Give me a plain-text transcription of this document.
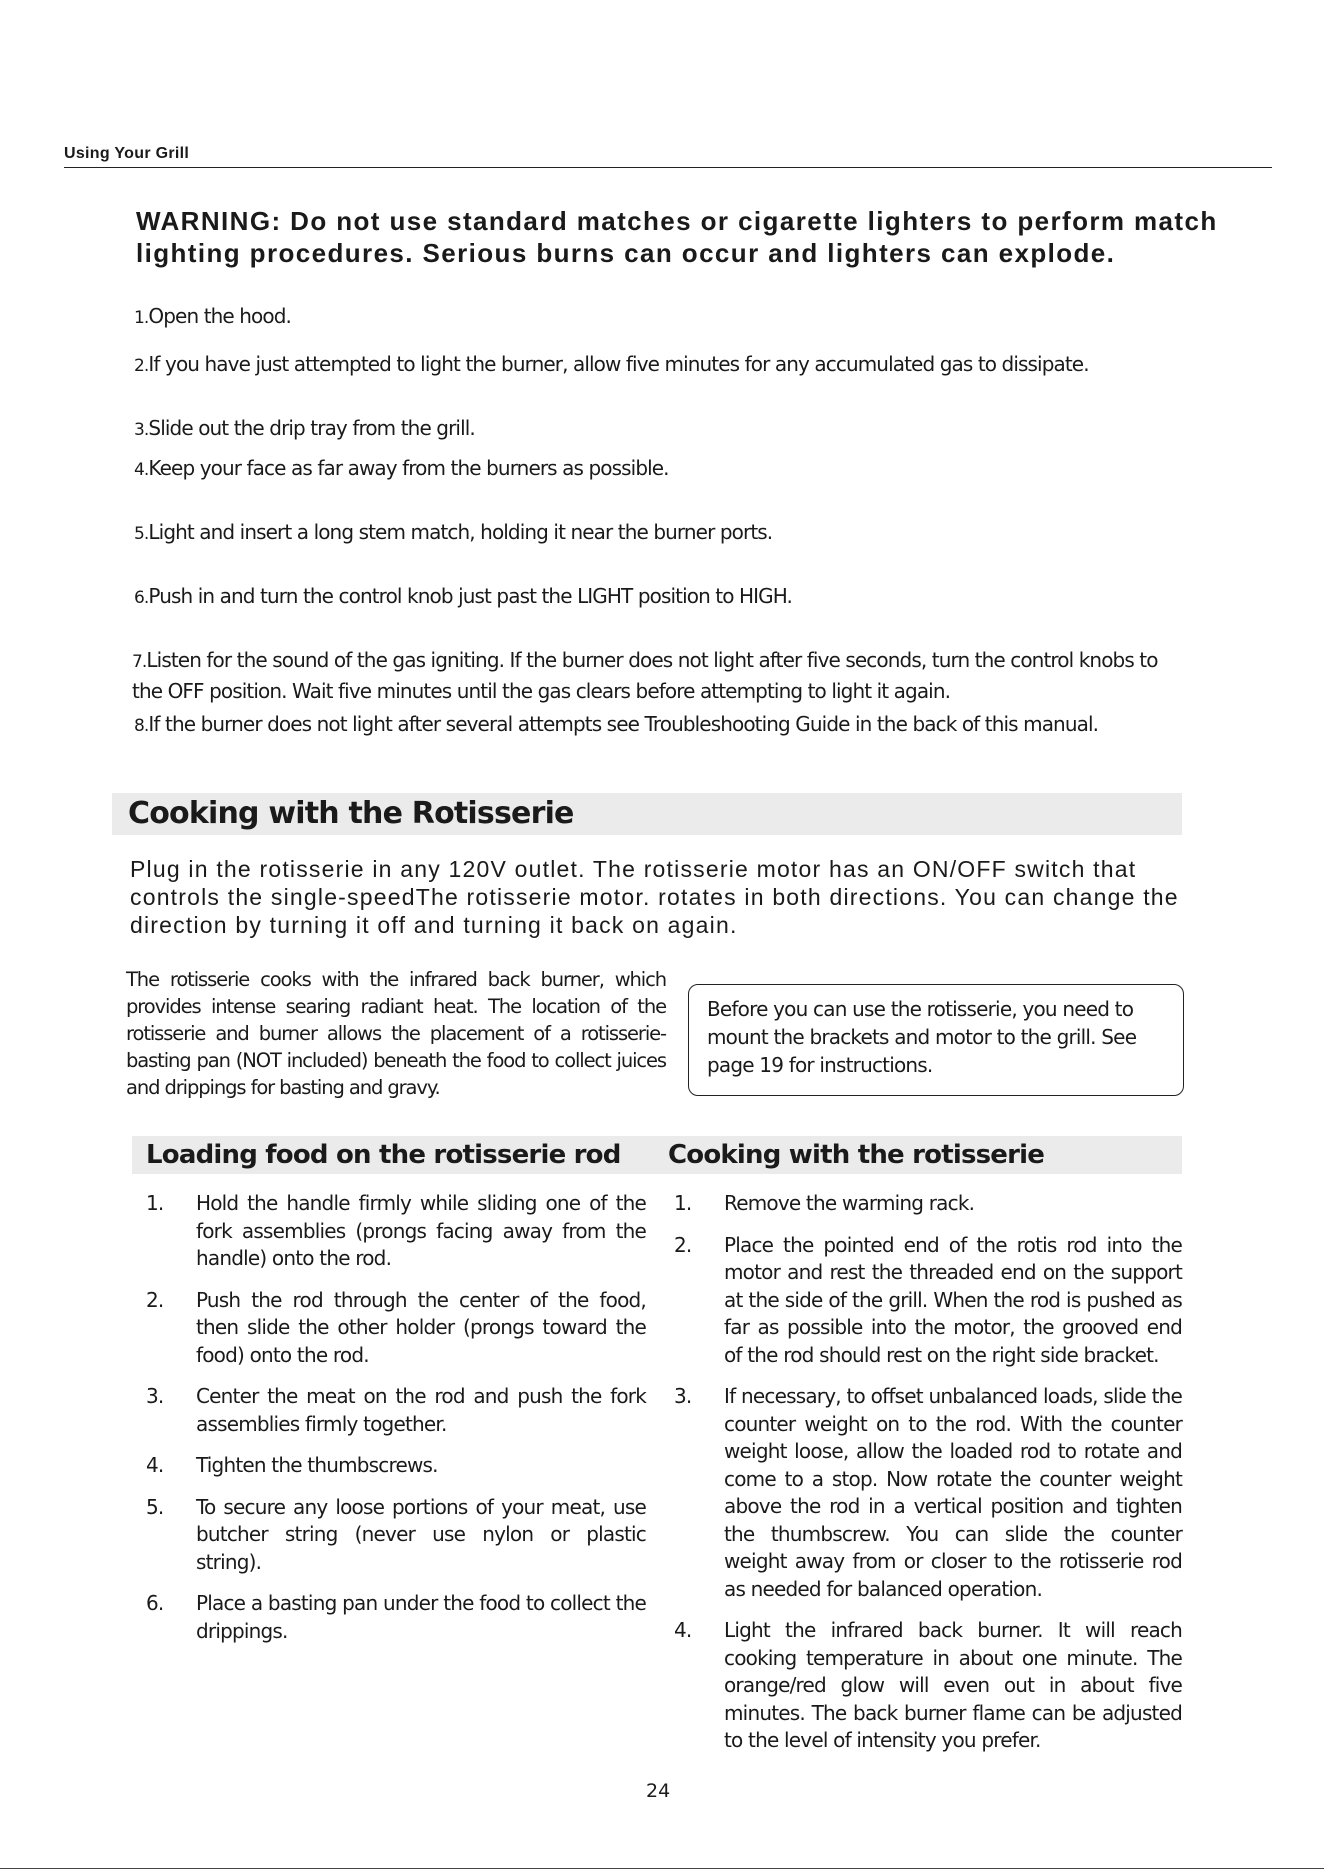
Using Your Grill
WARNING: Do not use standard matches or cigarette lighters to perform match lighting procedures. Serious burns can occur and lighters can explode.
1.Open the hood.
2.If you have just attempted to light the burner, allow five minutes for any accumulated gas to dissipate.
3.Slide out the drip tray from the grill.
4.Keep your face as far away from the burners as possible.
5.Light and insert a long stem match, holding it near the burner ports.
6.Push in and turn the control knob just past the LIGHT position to HIGH.
7.Listen for the sound of the gas igniting. If the burner does not light after five seconds, turn the control knobs to the OFF position. Wait five minutes until the gas clears before attempting to light it again.
8.If the burner does not light after several attempts see Troubleshooting Guide in the back of this manual.
Cooking with the Rotisserie
Plug in the rotisserie in any 120V outlet. The rotisserie motor has an ON/OFF switch that controls the single-speedThe rotisserie motor. rotates in both directions. You can change the direction by turning it off and turning it back on again.
The rotisserie cooks with the infrared back burner, which provides intense searing radiant heat. The location of the rotisserie and burner allows the placement of a rotisserie-basting pan (NOT included) beneath the food to collect juices and drippings for basting and gravy.
Before you can use the rotisserie, you need to mount the brackets and motor to the grill. See page 19 for instructions.
Loading food on the rotisserie rod Cooking with the rotisserie
1. Hold the handle firmly while sliding one of the fork assemblies (prongs facing away from the handle) onto the rod.
2. Push the rod through the center of the food, then slide the other holder (prongs toward the food) onto the rod.
3. Center the meat on the rod and push the fork assemblies firmly together.
4. Tighten the thumbscrews.
5. To secure any loose portions of your meat, use butcher string (never use nylon or plastic string).
6. Place a basting pan under the food to collect the drippings.
1. Remove the warming rack.
2. Place the pointed end of the rotis rod into the motor and rest the threaded end on the support at the side of the grill. When the rod is pushed as far as possible into the motor, the grooved end of the rod should rest on the right side bracket.
3. If necessary, to offset unbalanced loads, slide the counter weight on to the rod. With the counter weight loose, allow the loaded rod to rotate and come to a stop. Now rotate the counter weight above the rod in a vertical position and tighten the thumbscrew. You can slide the counter weight away from or closer to the rotisserie rod as needed for balanced operation.
4. Light the infrared back burner. It will reach cooking temperature in about one minute. The orange/red glow will even out in about five minutes. The back burner flame can be adjusted to the level of intensity you prefer.
24
